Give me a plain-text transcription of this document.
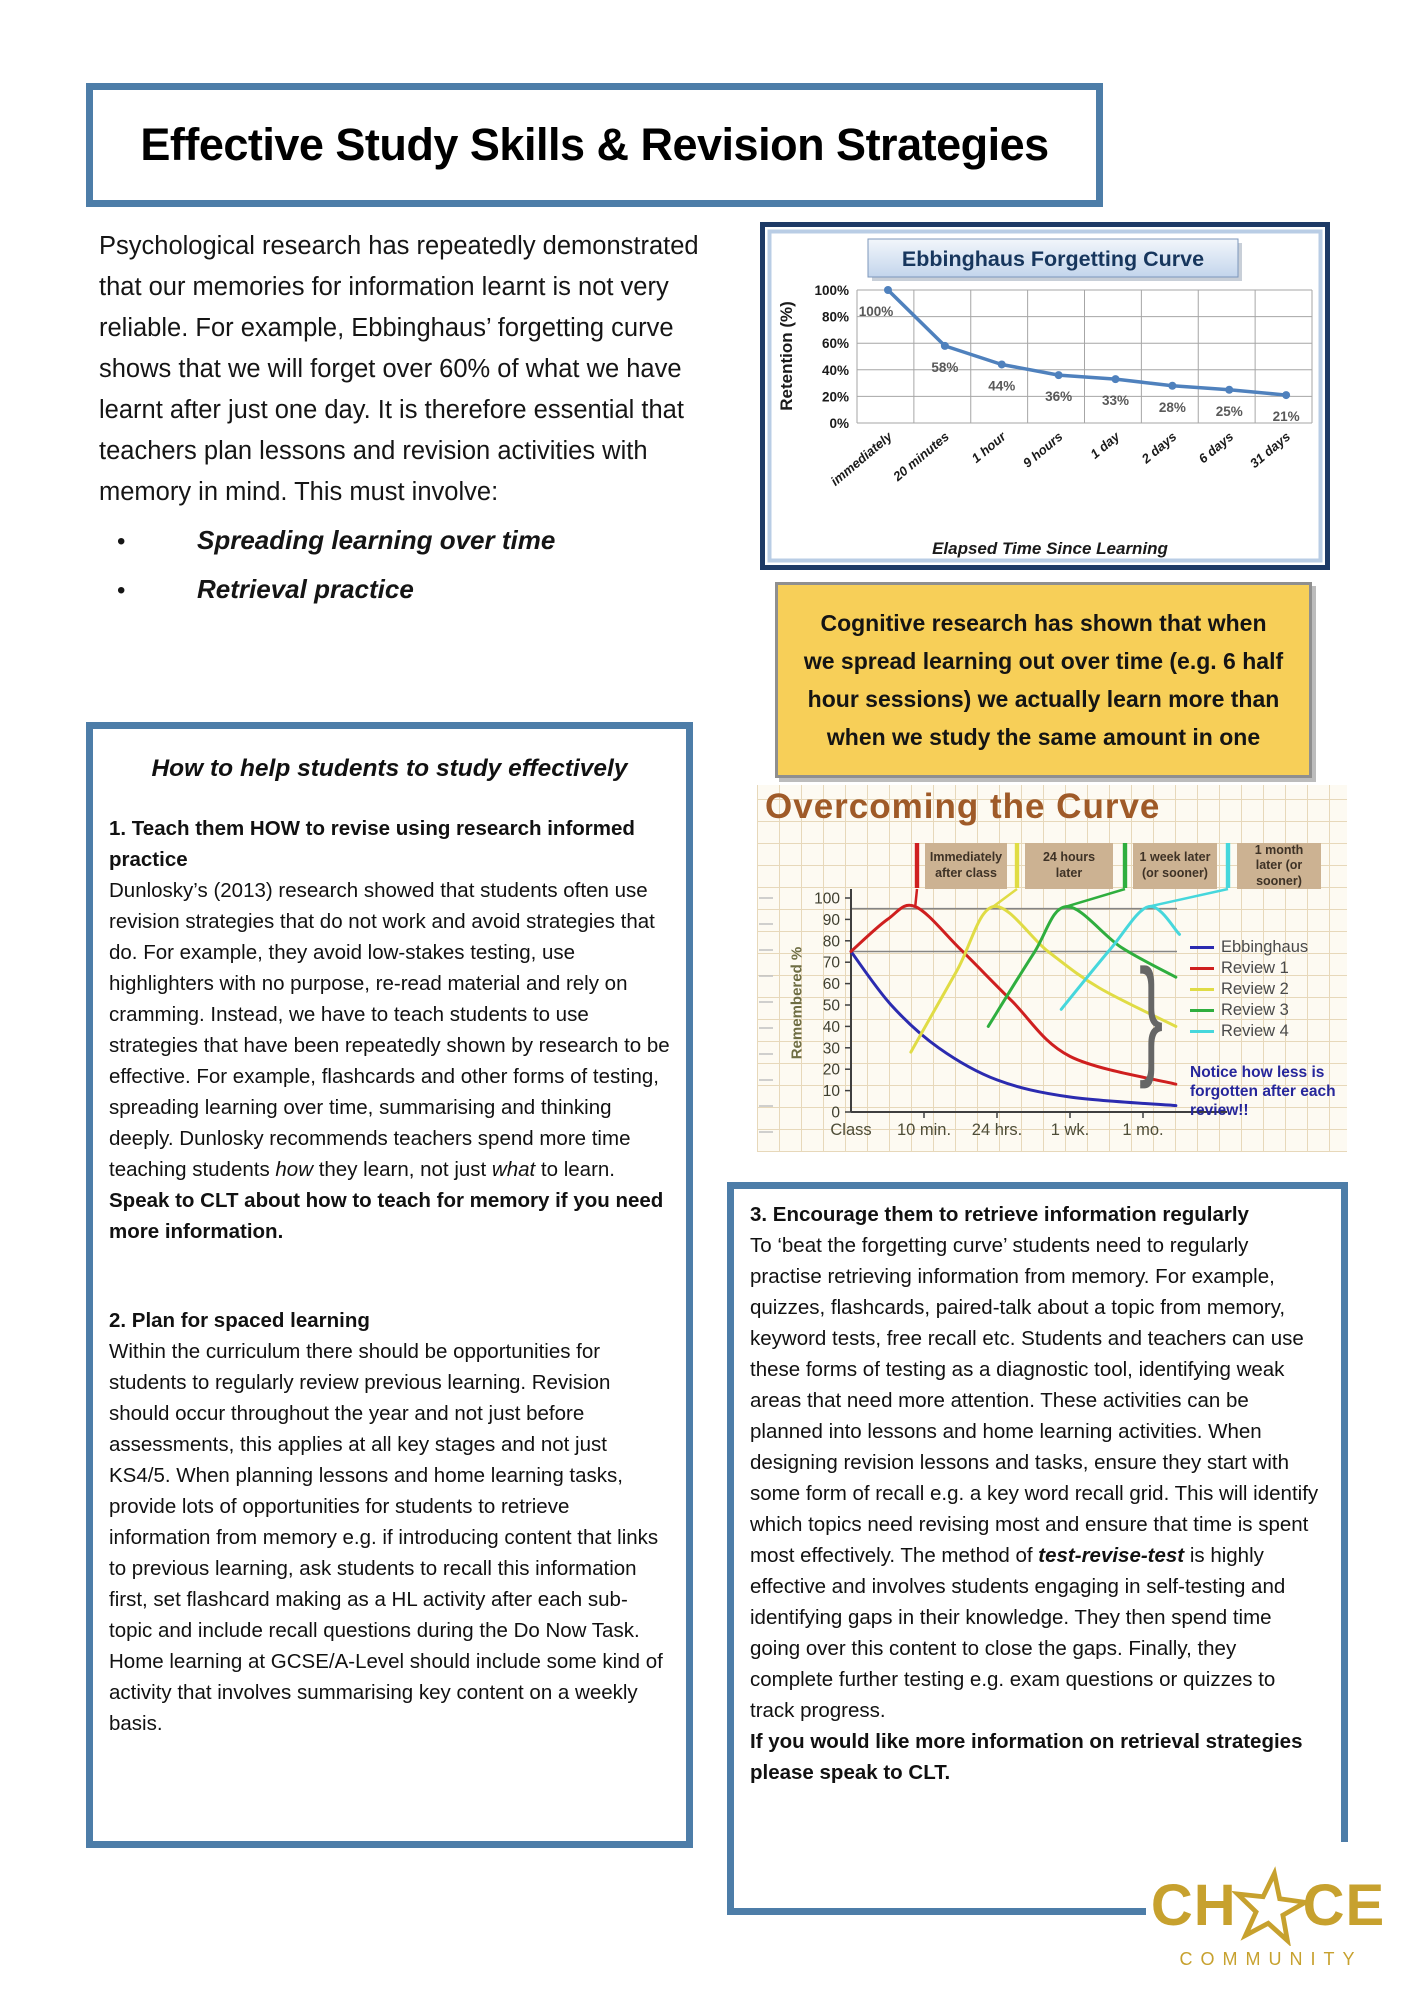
Effective Study Skills & Revision Strategies
Psychological research has repeatedly demonstrated that our memories for information learnt is not very reliable. For example, Ebbinghaus’ forgetting curve shows that we will forget over 60% of what we have learnt after just one day. It is therefore essential that teachers plan lessons and revision activities with memory in mind. This must involve:
•
Spreading learning over time
•
Retrieval practice
100%
80%
60%
40%
20%
0%
100%
58%
44%
36% 33% 28% 25% 21%
immediately
20 minutes 1 hour 9 hours 1 day 2 days 6 days 31 days
Ebbinghaus Forgetting Curve
Retention (%)
Elapsed Time Since Learning
Cognitive research has shown that when we spread learning out over time (e.g. 6 half hour sessions) we actually learn more than when we study the same amount in one
Overcoming the Curve
Immediately after class
24 hours later
1 week later (or sooner)
1 month later (or sooner)
100
90
80
70
60
50
40
30
20
10
0
Class 10 min. 24 hrs. 1 wk. 1 mo.
Remembered % }	Ebbinghaus
Review 1
Review 2
Review 3
Review 4
Notice how less is forgotten after each review!!
How to help students to study effectively
1. Teach them HOW to revise using research informed practice
Dunlosky’s (2013) research showed that students often use revision strategies that do not work and avoid strategies that do. For example, they avoid low-stakes testing, use highlighters with no purpose, re-read material and rely on cramming. Instead, we have to teach students to use strategies that have been repeatedly shown by research to be effective. For example, flashcards and other forms of testing, spreading learning over time, summarising and thinking deeply. Dunlosky recommends teachers spend more time teaching students how they learn, not just what to learn.
Speak to CLT about how to teach for memory if you need more information.
2. Plan for spaced learning
Within the curriculum there should be opportunities for students to regularly review previous learning. Revision should occur throughout the year and not just before assessments, this applies at all key stages and not just KS4/5. When planning lessons and home learning tasks, provide lots of opportunities for students to retrieve information from memory e.g. if introducing content that links to previous learning, ask students to recall this information first, set flashcard making as a HL activity after each sub-topic and include recall questions during the Do Now Task. Home learning at GCSE/A-Level should include some kind of activity that involves summarising key content on a weekly basis.
3. Encourage them to retrieve information regularly
To ‘beat the forgetting curve’ students need to regularly practise retrieving information from memory. For example, quizzes, flashcards, paired-talk about a topic from memory, keyword tests, free recall etc. Students and teachers can use these forms of testing as a diagnostic tool, identifying weak areas that need more attention. These activities can be planned into lessons and home learning activities. When designing revision lessons and tasks, ensure they start with some form of recall e.g. a key word recall grid. This will identify which topics need revising most and ensure that time is spent most effectively. The method of test-revise-test is highly effective and involves students engaging in self-testing and identifying gaps in their knowledge. They then spend time going over this content to close the gaps. Finally, they complete further testing e.g. exam questions or quizzes to track progress.
If you would like more information on retrieval strategies please speak to CLT.
CH CE
COMMUNITY
